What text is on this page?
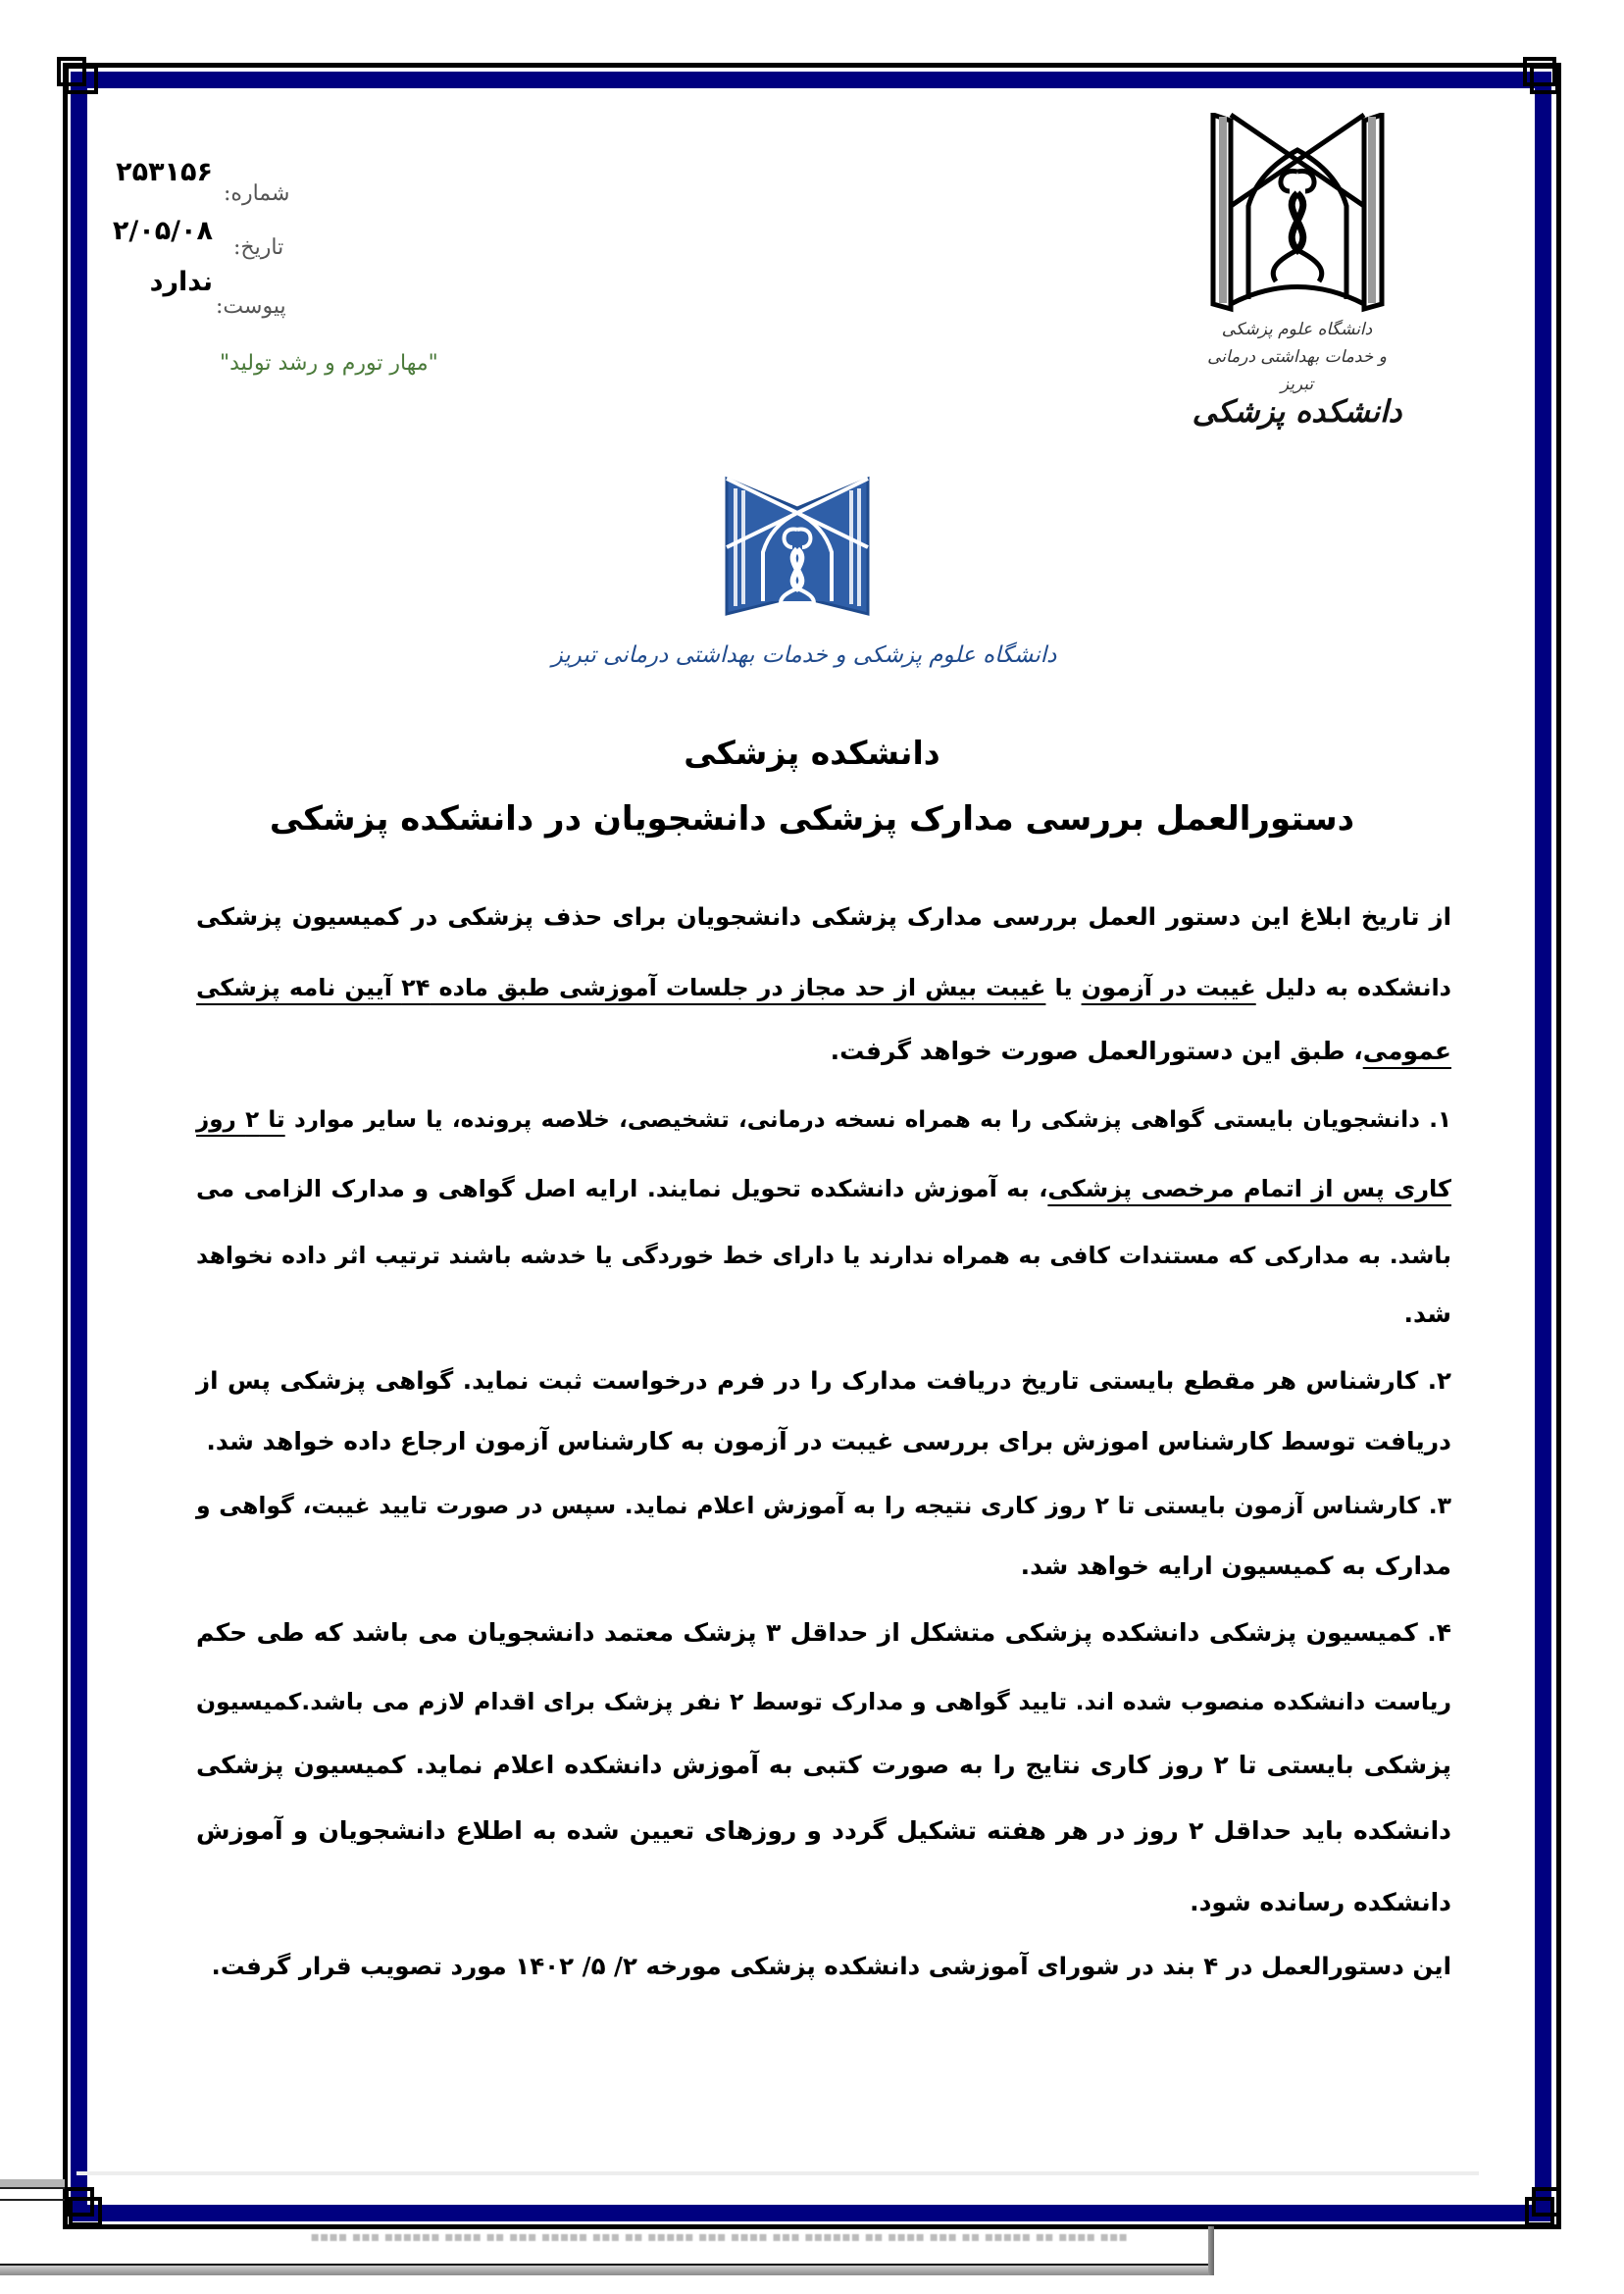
▪▪▪ ▪▪▪▪ ▪▪ ▪▪▪▪▪ ▪▪ ▪▪▪ ▪▪▪▪ ▪▪ ▪▪▪▪▪▪ ▪▪▪ ▪▪▪▪ ▪▪▪ ▪▪▪▪▪ ▪▪ ▪▪▪ ▪▪▪▪▪ ▪▪▪ ▪▪ ▪▪▪▪ ▪▪▪▪▪▪ ▪▪▪ ▪▪▪▪
۲۵۳۱۵۶
شماره:
۲/۰۵/۰۸
تاریخ:
ندارد
پیوست:
"مهار تورم و رشد تولید"
دانشگاه علوم پزشکی
و خدمات بهداشتی درمانی تبریز
دانشکده پزشکی
دانشگاه علوم پزشکی و خدمات بهداشتی درمانی تبریز
دانشکده پزشکی
دستورالعمل بررسی مدارک پزشکی دانشجویان در دانشکده پزشکی
از تاریخ ابلاغ این دستور العمل بررسی مدارک پزشکی دانشجویان برای حذف پزشکی در کمیسیون پزشکی
دانشکده به دلیل غیبت در آزمون یا غیبت بیش از حد مجاز در جلسات آموزشی طبق ماده ۲۴ آیین نامه پزشکی
عمومی، طبق این دستورالعمل صورت خواهد گرفت.
۱. دانشجویان بایستی گواهی پزشکی را به همراه نسخه درمانی، تشخیصی، خلاصه پرونده، یا سایر موارد تا ۲ روز
کاری پس از اتمام مرخصی پزشکی، به آموزش دانشکده تحویل نمایند. ارایه اصل گواهی و مدارک الزامی می
باشد. به مدارکی که مستندات کافی به همراه ندارند یا دارای خط خوردگی یا خدشه باشند ترتیب اثر داده نخواهد
شد.
۲. کارشناس هر مقطع بایستی تاریخ دریافت مدارک را در فرم درخواست ثبت نماید. گواهی پزشکی پس از
دریافت توسط کارشناس اموزش برای بررسی غیبت در آزمون به کارشناس آزمون ارجاع داده خواهد شد.
۳. کارشناس آزمون بایستی تا ۲ روز کاری نتیجه را به آموزش اعلام نماید. سپس در صورت تایید غیبت، گواهی و
مدارک به کمیسیون ارایه خواهد شد.
۴. کمیسیون پزشکی دانشکده پزشکی متشکل از حداقل ۳ پزشک معتمد دانشجویان می باشد که طی حکم
ریاست دانشکده منصوب شده اند. تایید گواهی و مدارک توسط ۲ نفر پزشک برای اقدام لازم می باشد.کمیسیون
پزشکی بایستی تا ۲ روز کاری نتایج را به صورت کتبی به آموزش دانشکده اعلام نماید. کمیسیون پزشکی
دانشکده باید حداقل ۲ روز در هر هفته تشکیل گردد و روزهای تعیین شده به اطلاع دانشجویان و آموزش
دانشکده رسانده شود.
این دستورالعمل در ۴ بند در شورای آموزشی دانشکده پزشکی مورخه ۲/ ۵/ ۱۴۰۲ مورد تصویب قرار گرفت.
